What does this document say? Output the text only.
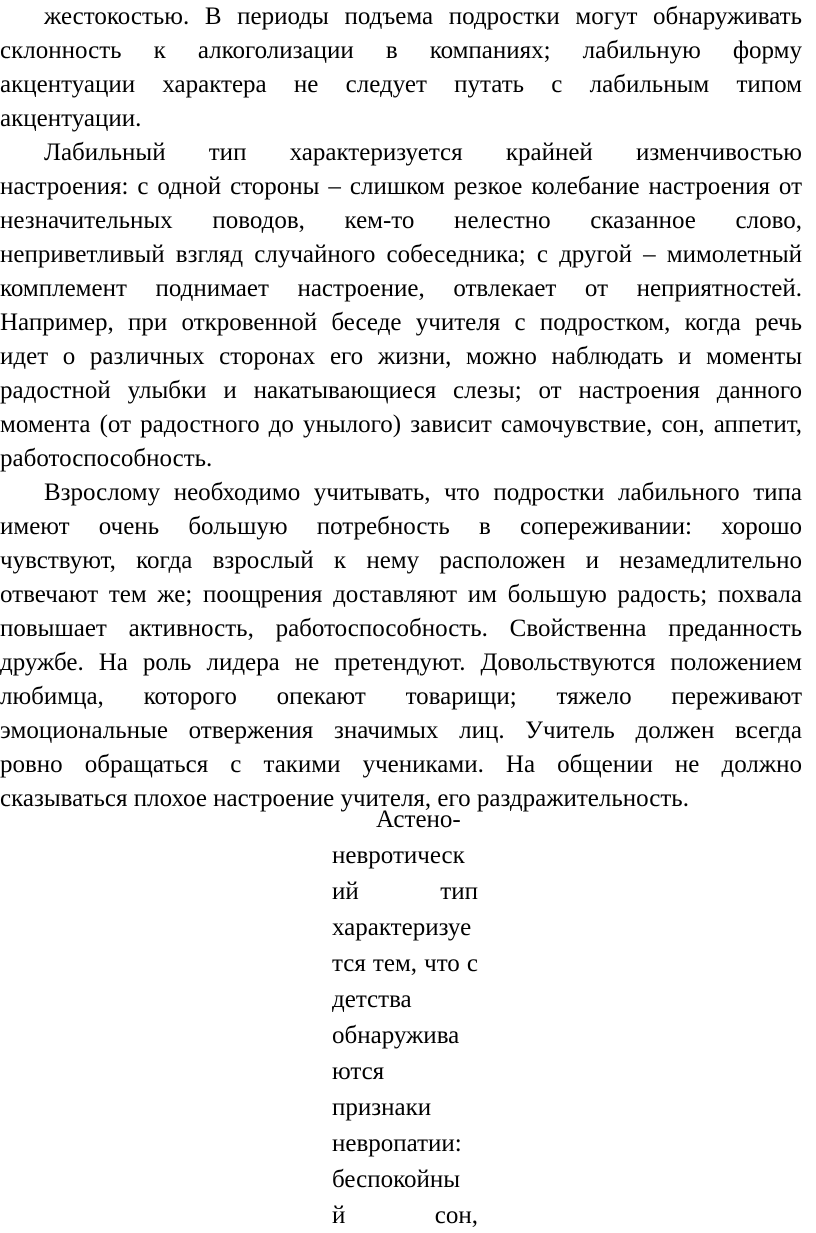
жестокостью. В периоды подъема подростки могут обнаруживать
склонность к алкоголизации в компаниях; лабильную форму
акцентуации характера не следует путать с лабильным типом
акцентуации.
Лабильный тип характеризуется крайней изменчивостью
настроения: с одной стороны – слишком резкое колебание настроения от
незначительных поводов, кем-то нелестно сказанное слово,
неприветливый взгляд случайного собеседника; с другой – мимолетный
комплемент поднимает настроение, отвлекает от неприятностей.
Например, при откровенной беседе учителя с подростком, когда речь
идет о различных сторонах его жизни, можно наблюдать и моменты
радостной улыбки и накатывающиеся слезы; от настроения данного
момента (от радостного до унылого) зависит самочувствие, сон, аппетит,
работоспособность.
Взрослому необходимо учитывать, что подростки лабильного типа
имеют очень большую потребность в сопереживании: хорошо
чувствуют, когда взрослый к нему расположен и незамедлительно
отвечают тем же; поощрения доставляют им большую радость; похвала
повышает активность, работоспособность. Свойственна преданность
дружбе. На роль лидера не претендуют. Довольствуются положением
любимца, которого опекают товарищи; тяжело переживают
эмоциональные отвержения значимых лиц. Учитель должен всегда
ровно обращаться с такими учениками. На общении не должно
сказываться плохое настроение учителя, его раздражительность.
Астено-
невротическ
ий тип
характеризуе
тся тем, что с
детства
обнаружива
ются
признаки
невропатии:
беспокойны
й сон,
